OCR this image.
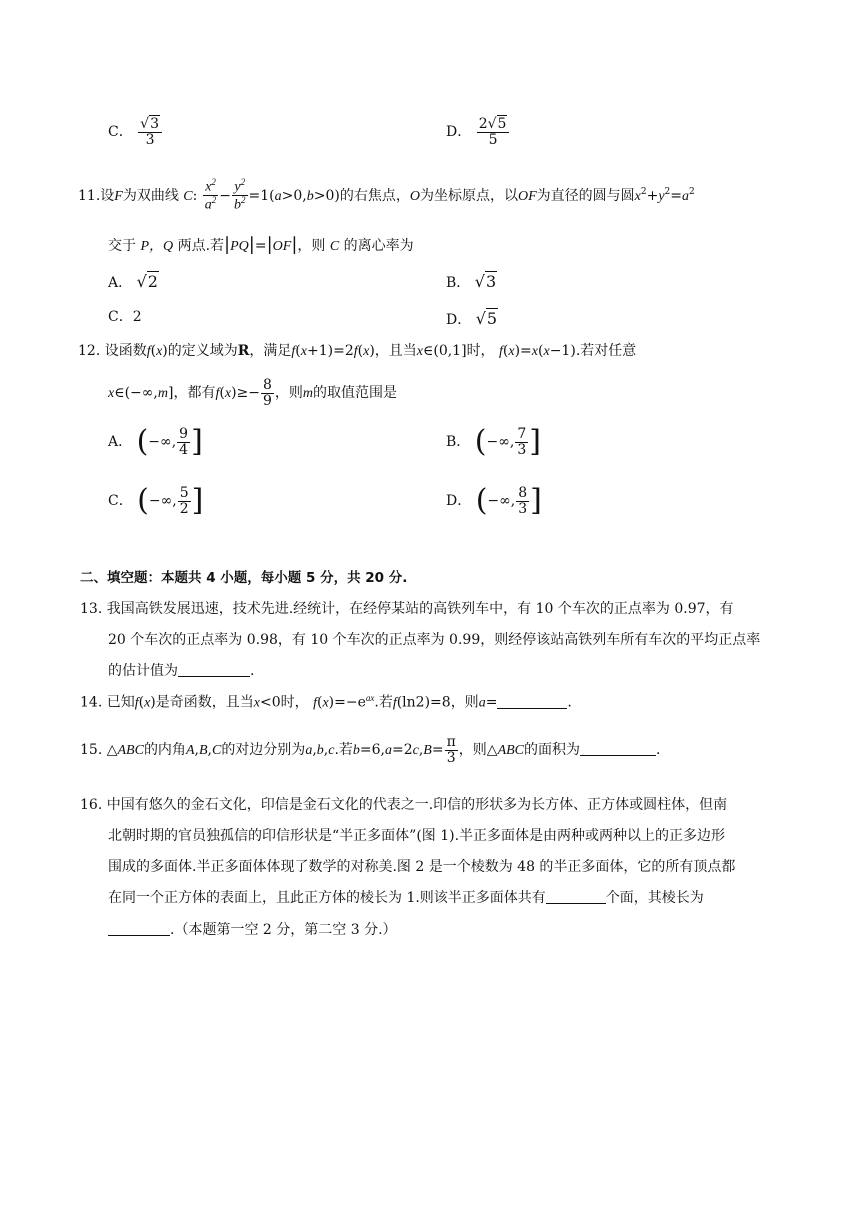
C． $\frac{√3}{3}$	D． $\frac{2√5}{5}$
11.设F为双曲线 C: $\frac{x^2}{a^2} - \frac{y^2}{b^2} =1(a>0,b>0)$的右焦点，O为坐标原点，以OF为直径的圆与圆$x^2+y^2=a^2$
交于 P，Q 两点.若|PQ|=|OF|，则 C 的离心率为
A． √2	B． √3
C．2	D． √5
12. 设函数f(x)的定义域为R，满足f(x+1)=2f(x)，且当x∈(0,1]时， f(x)=x(x−1).若对任意
x∈(−∞,m]，都有$f(x)\ge- \frac{8}{9}$ ，则m的取值范围是
A． (−∞, $\frac{9}{4}$ ]	B． (−∞, $\frac{7}{3}$ ]
C． (−∞, $\frac{5}{2}$ ]	D． (−∞, $\frac{8}{3}$ ]
二、填空题：本题共 4 小题，每小题 5 分，共 20 分.
13. 我国高铁发展迅速，技术先进.经统计，在经停某站的高铁列车中，有 10 个车次的正点率为 0.97，有
20 个车次的正点率为 0.98，有 10 个车次的正点率为 0.99，则经停该站高铁列车所有车次的平均正点率
的估计值为	.
14. 已知f(x)是奇函数，且当x<0时， $f(x)=-e^{ax}$.若f(ln2)=8，则a=	.
15. △ABC的内角A,B,C的对边分别为a,b,c.若$b=6,a=2c,B= \frac{\pi}{3}$ ，则△ABC的面积为	.
16. 中国有悠久的金石文化，印信是金石文化的代表之一.印信的形状多为长方体、正方体或圆柱体，但南
北朝时期的官员独孤信的印信形状是“半正多面体”(图 1).半正多面体是由两种或两种以上的正多边形
围成的多面体.半正多面体体现了数学的对称美.图 2 是一个棱数为 48 的半正多面体，它的所有顶点都
在同一个正方体的表面上，且此正方体的棱长为 1.则该半正多面体共有	个面，其棱长为
.（本题第一空 2 分，第二空 3 分.）
